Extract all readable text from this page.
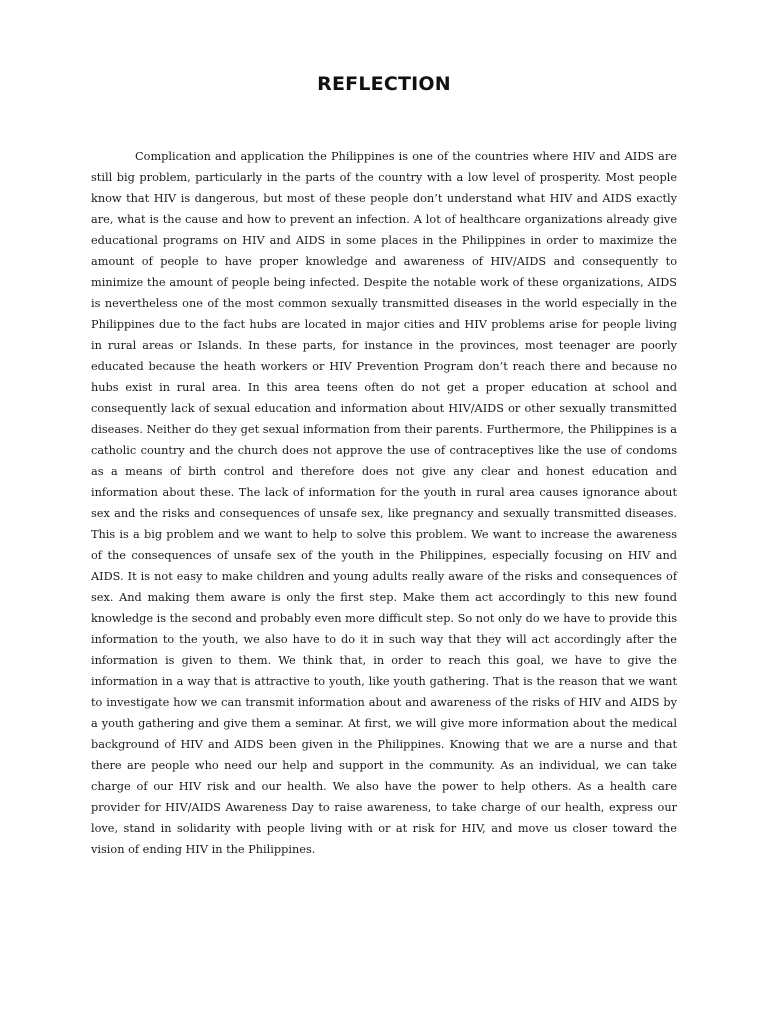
REFLECTION

Complication and application the Philippines is one of the countries where HIV and AIDS are still big problem, particularly in the parts of the country with a low level of prosperity. Most people know that HIV is dangerous, but most of these people don’t understand what HIV and AIDS exactly are, what is the cause and how to prevent an infection. A lot of healthcare organizations already give educational programs on HIV and AIDS in some places in the Philippines in order to maximize the amount of people to have proper knowledge and awareness of HIV/AIDS and consequently to minimize the amount of people being infected. Despite the notable work of these organizations, AIDS is nevertheless one of the most common sexually transmitted diseases in the world especially in the Philippines due to the fact hubs are located in major cities and HIV problems arise for people living in rural areas or Islands. In these parts, for instance in the provinces, most teenager are poorly educated because the heath workers or HIV Prevention Program don’t reach there and because no hubs exist in rural area. In this area teens often do not get a proper education at school and consequently lack of sexual education and information about HIV/AIDS or other sexually transmitted diseases. Neither do they get sexual information from their parents. Furthermore, the Philippines is a catholic country and the church does not approve the use of contraceptives like the use of condoms as a means of birth control and therefore does not give any clear and honest education and information about these. The lack of information for the youth in rural area causes ignorance about sex and the risks and consequences of unsafe sex, like pregnancy and sexually transmitted diseases. This is a big problem and we want to help to solve this problem. We want to increase the awareness of the consequences of unsafe sex of the youth in the Philippines, especially focusing on HIV and AIDS. It is not easy to make children and young adults really aware of the risks and consequences of sex. And making them aware is only the first step. Make them act accordingly to this new found knowledge is the second and probably even more difficult step. So not only do we have to provide this information to the youth, we also have to do it in such way that they will act accordingly after the information is given to them. We think that, in order to reach this goal, we have to give the information in a way that is attractive to youth, like youth gathering. That is the reason that we want to investigate how we can transmit information about and awareness of the risks of HIV and AIDS by a youth gathering and give them a seminar. At first, we will give more information about the medical background of HIV and AIDS been given in the Philippines. Knowing that we are a nurse and that there are people who need our help and support in the community. As an individual, we can take charge of our HIV risk and our health. We also have the power to help others. As a health care provider for HIV/AIDS Awareness Day to raise awareness, to take charge of our health, express our love, stand in solidarity with people living with or at risk for HIV, and move us closer toward the vision of ending HIV in the Philippines.
